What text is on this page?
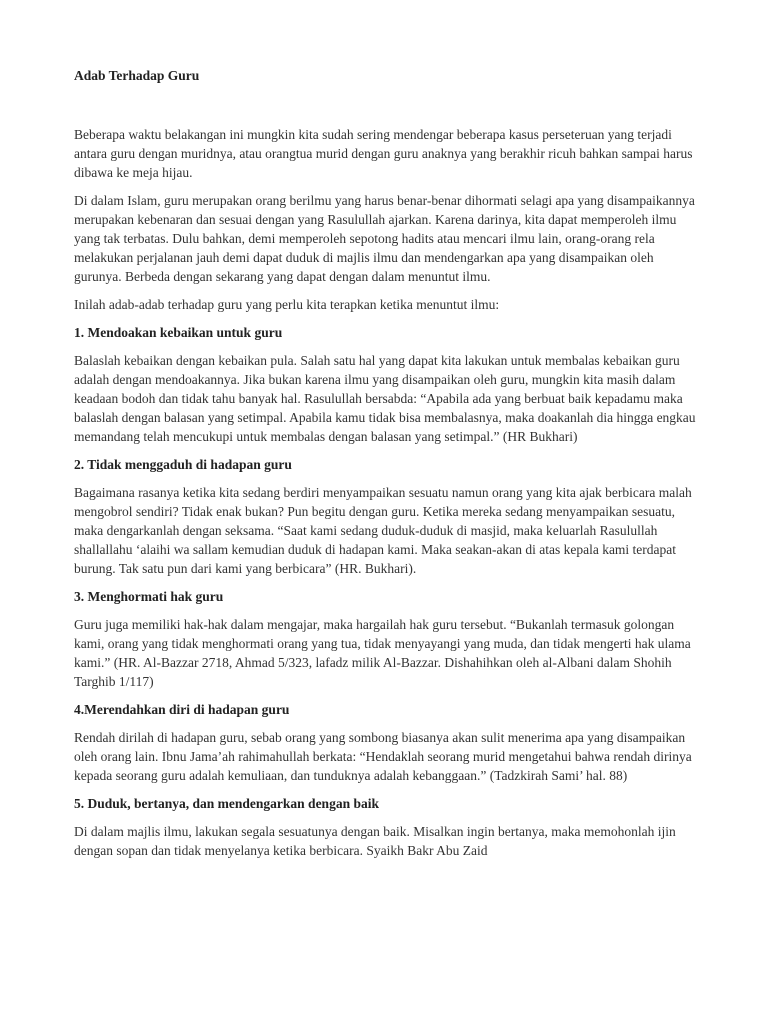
Adab Terhadap Guru

Beberapa waktu belakangan ini mungkin kita sudah sering mendengar beberapa kasus perseteruan yang terjadi antara guru dengan muridnya, atau orangtua murid dengan guru anaknya yang berakhir ricuh bahkan sampai harus dibawa ke meja hijau.

Di dalam Islam, guru merupakan orang berilmu yang harus benar-benar dihormati selagi apa yang disampaikannya merupakan kebenaran dan sesuai dengan yang Rasulullah ajarkan. Karena darinya, kita dapat memperoleh ilmu yang tak terbatas. Dulu bahkan, demi memperoleh sepotong hadits atau mencari ilmu lain, orang-orang rela melakukan perjalanan jauh demi dapat duduk di majlis ilmu dan mendengarkan apa yang disampaikan oleh gurunya. Berbeda dengan sekarang yang dapat dengan dalam menuntut ilmu.

Inilah adab-adab terhadap guru yang perlu kita terapkan ketika menuntut ilmu:

1. Mendoakan kebaikan untuk guru

Balaslah kebaikan dengan kebaikan pula. Salah satu hal yang dapat kita lakukan untuk membalas kebaikan guru adalah dengan mendoakannya. Jika bukan karena ilmu yang disampaikan oleh guru, mungkin kita masih dalam keadaan bodoh dan tidak tahu banyak hal. Rasulullah bersabda: “Apabila ada yang berbuat baik kepadamu maka balaslah dengan balasan yang setimpal. Apabila kamu tidak bisa membalasnya, maka doakanlah dia hingga engkau memandang telah mencukupi untuk membalas dengan balasan yang setimpal.” (HR Bukhari)

2. Tidak menggaduh di hadapan guru

Bagaimana rasanya ketika kita sedang berdiri menyampaikan sesuatu namun orang yang kita ajak berbicara malah mengobrol sendiri? Tidak enak bukan? Pun begitu dengan guru. Ketika mereka sedang menyampaikan sesuatu, maka dengarkanlah dengan seksama. “Saat kami sedang duduk-duduk di masjid, maka keluarlah Rasulullah shallallahu ‘alaihi wa sallam kemudian duduk di hadapan kami. Maka seakan-akan di atas kepala kami terdapat burung. Tak satu pun dari kami yang berbicara” (HR. Bukhari).

3. Menghormati hak guru

Guru juga memiliki hak-hak dalam mengajar, maka hargailah hak guru tersebut. “Bukanlah termasuk golongan kami, orang yang tidak menghormati orang yang tua, tidak menyayangi yang muda, dan tidak mengerti hak ulama kami.” (HR. Al-Bazzar 2718, Ahmad 5/323, lafadz milik Al-Bazzar. Dishahihkan oleh al-Albani dalam Shohih Targhib 1/117)

4.Merendahkan diri di hadapan guru

Rendah dirilah di hadapan guru, sebab orang yang sombong biasanya akan sulit menerima apa yang disampaikan oleh orang lain. Ibnu Jama’ah rahimahullah berkata: “Hendaklah seorang murid mengetahui bahwa rendah dirinya kepada seorang guru adalah kemuliaan, dan tunduknya adalah kebanggaan.” (Tadzkirah Sami’ hal. 88)

5. Duduk, bertanya, dan mendengarkan dengan baik

Di dalam majlis ilmu, lakukan segala sesuatunya dengan baik. Misalkan ingin bertanya, maka memohonlah ijin dengan sopan dan tidak menyelanya ketika berbicara. Syaikh Bakr Abu Zaid
